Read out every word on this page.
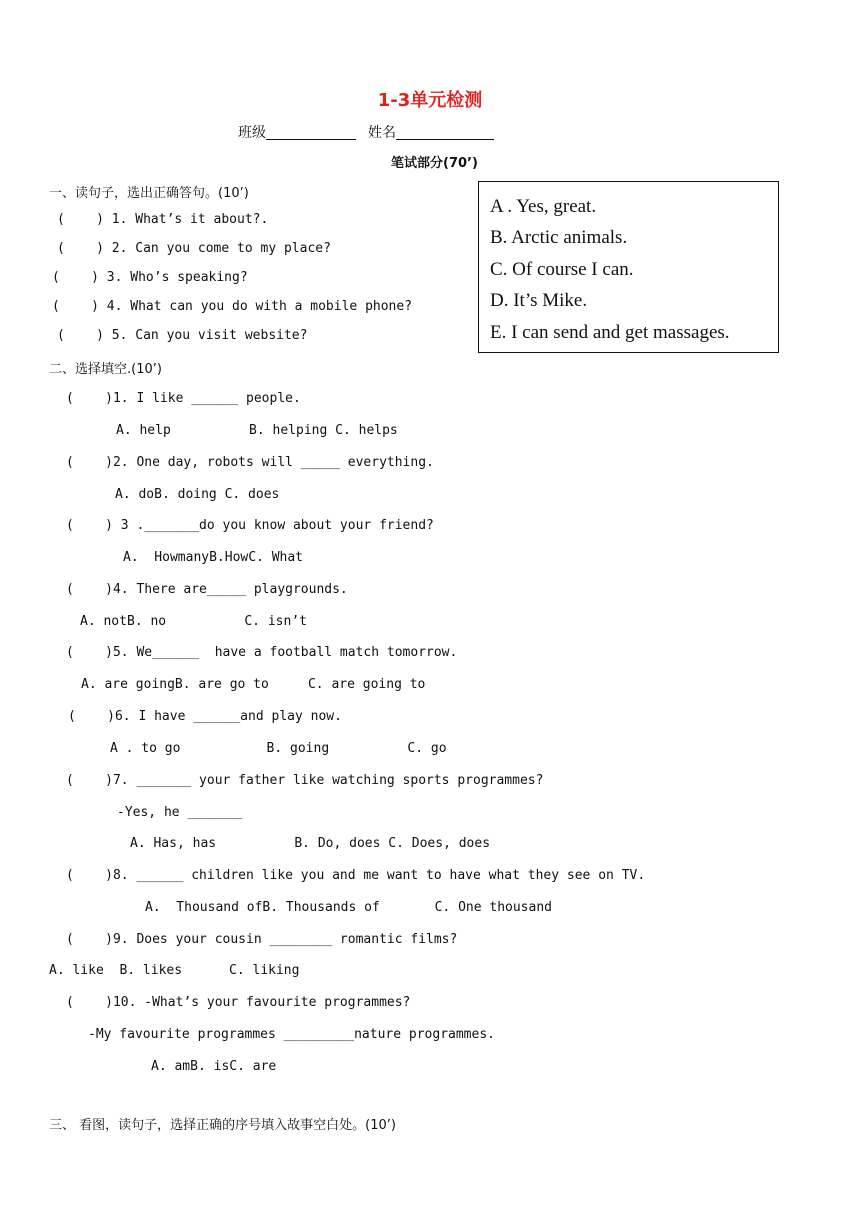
1-3单元检测
班级	姓名
笔试部分(70’)
一、读句子，选出正确答句。(10’)
(    ) 1. What’s it about?.
(    ) 2. Can you come to my place?
(    ) 3. Who’s speaking?
(    ) 4. What can you do with a mobile phone?
(    ) 5. Can you visit website?
A . Yes, great.
B. Arctic animals.
C. Of course I can.
D. It’s Mike.
E. I can send and get massages.
二、选择填空.(10’)
(    )1. I like ______ people.
A. help          B. helping C. helps
(    )2. One day, robots will _____ everything.
A. doB. doing C. does
(    ) 3 ._______do you know about your friend?
A.  HowmanyB.HowC. What
(    )4. There are_____ playgrounds.
A. notB. no          C. isn’t
(    )5. We______  have a football match tomorrow.
A. are goingB. are go to     C. are going to
(    )6. I have ______and play now.
A . to go           B. going          C. go
(    )7. _______ your father like watching sports programmes?
-Yes, he _______
A. Has, has          B. Do, does C. Does, does
(    )8. ______ children like you and me want to have what they see on TV.
A.  Thousand ofB. Thousands of       C. One thousand
(    )9. Does your cousin ________ romantic films?
A. like  B. likes      C. liking
(    )10. -What’s your favourite programmes?
-My favourite programmes _________nature programmes.
A. amB. isC. are
三、 看图，读句子，选择正确的序号填入故事空白处。(10’)
